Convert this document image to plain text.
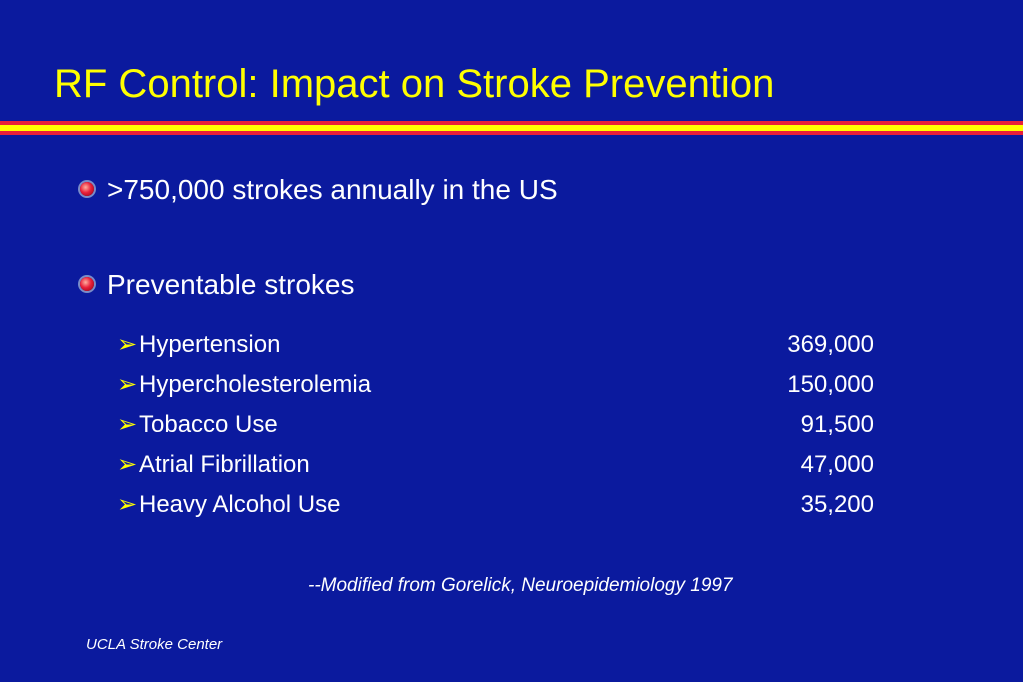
RF Control: Impact on Stroke Prevention
>750,000 strokes annually in the US
Preventable strokes
➢Hypertension	369,000
➢Hypercholesterolemia	150,000
➢Tobacco Use	91,500
➢Atrial Fibrillation	47,000
➢Heavy Alcohol Use	35,200
--Modified from Gorelick, Neuroepidemiology 1997
UCLA Stroke Center
